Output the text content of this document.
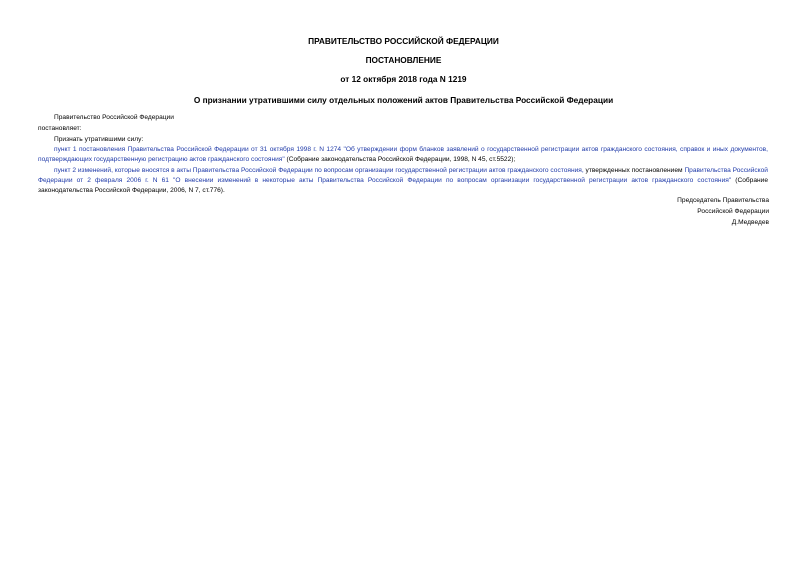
ПРАВИТЕЛЬСТВО РОССИЙСКОЙ ФЕДЕРАЦИИ
ПОСТАНОВЛЕНИЕ
от 12 октября 2018 года N 1219
О признании утратившими силу отдельных положений актов Правительства Российской Федерации
Правительство Российской Федерации
постановляет:
Признать утратившими силу:

пункт 1 постановления Правительства Российской Федерации от 31 октября 1998 г. N 1274 "Об утверждении форм бланков заявлений о государственной регистрации актов гражданского состояния, справок и иных документов, подтверждающих государственную регистрацию актов гражданского состояния" (Собрание законодательства Российской Федерации, 1998, N 45, ст.5522);

пункт 2 изменений, которые вносятся в акты Правительства Российской Федерации по вопросам организации государственной регистрации актов гражданского состояния, утвержденных постановлением Правительства Российской Федерации от 2 февраля 2006 г. N 61 "О внесении изменений в некоторые акты Правительства Российской Федерации по вопросам организации государственной регистрации актов гражданского состояния" (Собрание законодательства Российской Федерации, 2006, N 7, ст.776).

Председатель Правительства
Российской Федерации
Д.Медведев
